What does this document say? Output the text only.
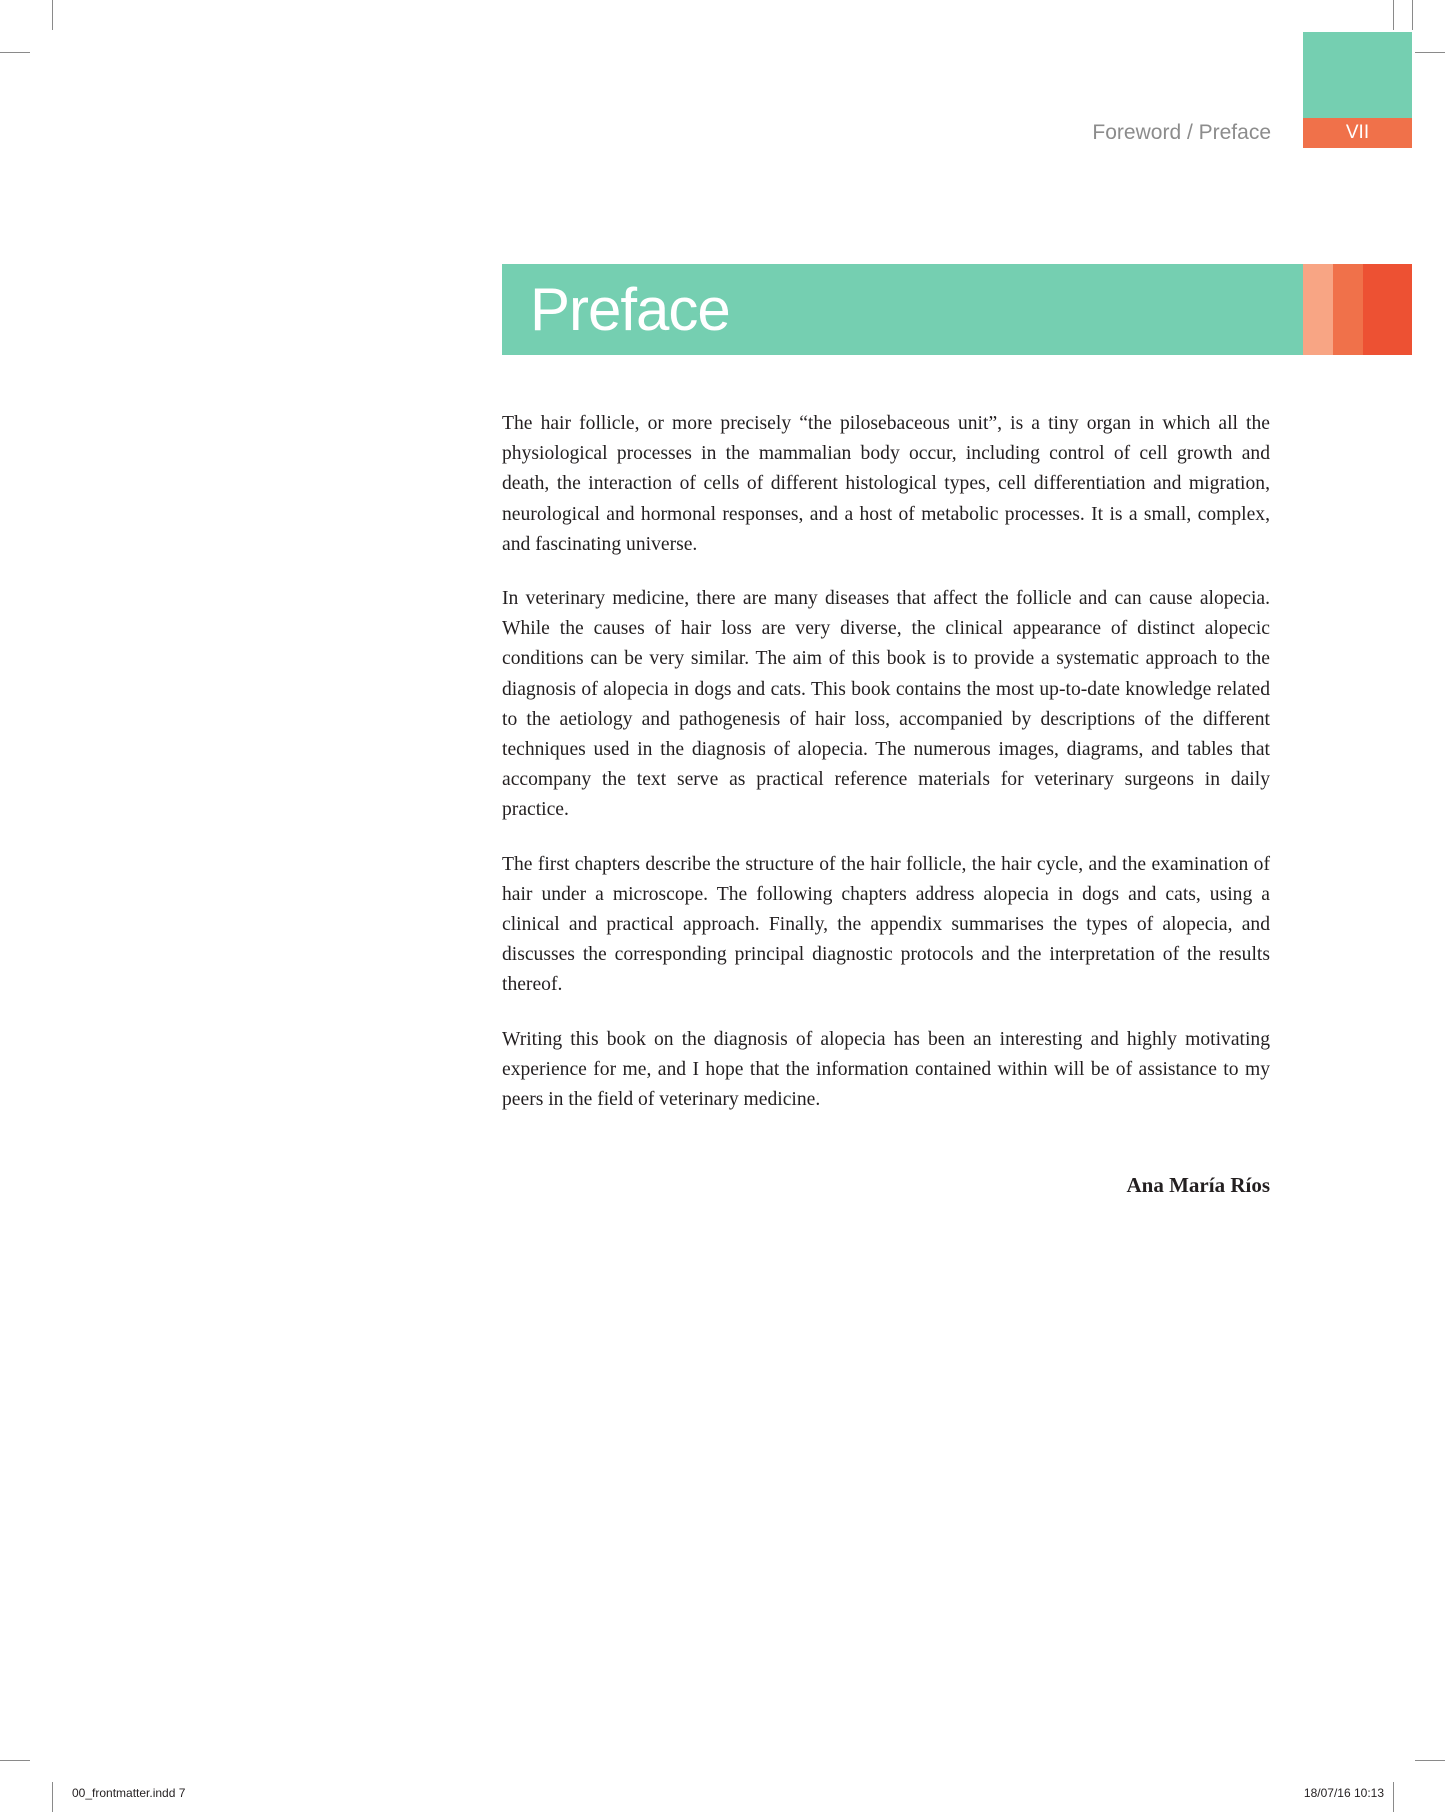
VII
Foreword / Preface
Preface

The hair follicle, or more precisely “the pilosebaceous unit”, is a tiny organ in which all the physiological processes in the mammalian body occur, including control of cell growth and death, the interaction of cells of different histological types, cell differentiation and migration, neurological and hormonal responses, and a host of metabolic processes. It is a small, complex, and fascinating universe.

In veterinary medicine, there are many diseases that affect the follicle and can cause alopecia. While the causes of hair loss are very diverse, the clinical appearance of distinct alopecic conditions can be very similar. The aim of this book is to provide a systematic approach to the diagnosis of alopecia in dogs and cats. This book contains the most up-to-date knowledge related to the aetiology and pathogenesis of hair loss, accompanied by descriptions of the different techniques used in the diagnosis of alopecia. The numerous images, diagrams, and tables that accompany the text serve as practical reference materials for veterinary surgeons in daily practice.

The first chapters describe the structure of the hair follicle, the hair cycle, and the examination of hair under a microscope. The following chapters address alopecia in dogs and cats, using a clinical and practical approach. Finally, the appendix summarises the types of alopecia, and discusses the corresponding principal diagnostic protocols and the interpretation of the results thereof.

Writing this book on the diagnosis of alopecia has been an interesting and highly motivating experience for me, and I hope that the information contained within will be of assistance to my peers in the field of veterinary medicine.

Ana María Ríos
00_frontmatter.indd 7	18/07/16 10:13
